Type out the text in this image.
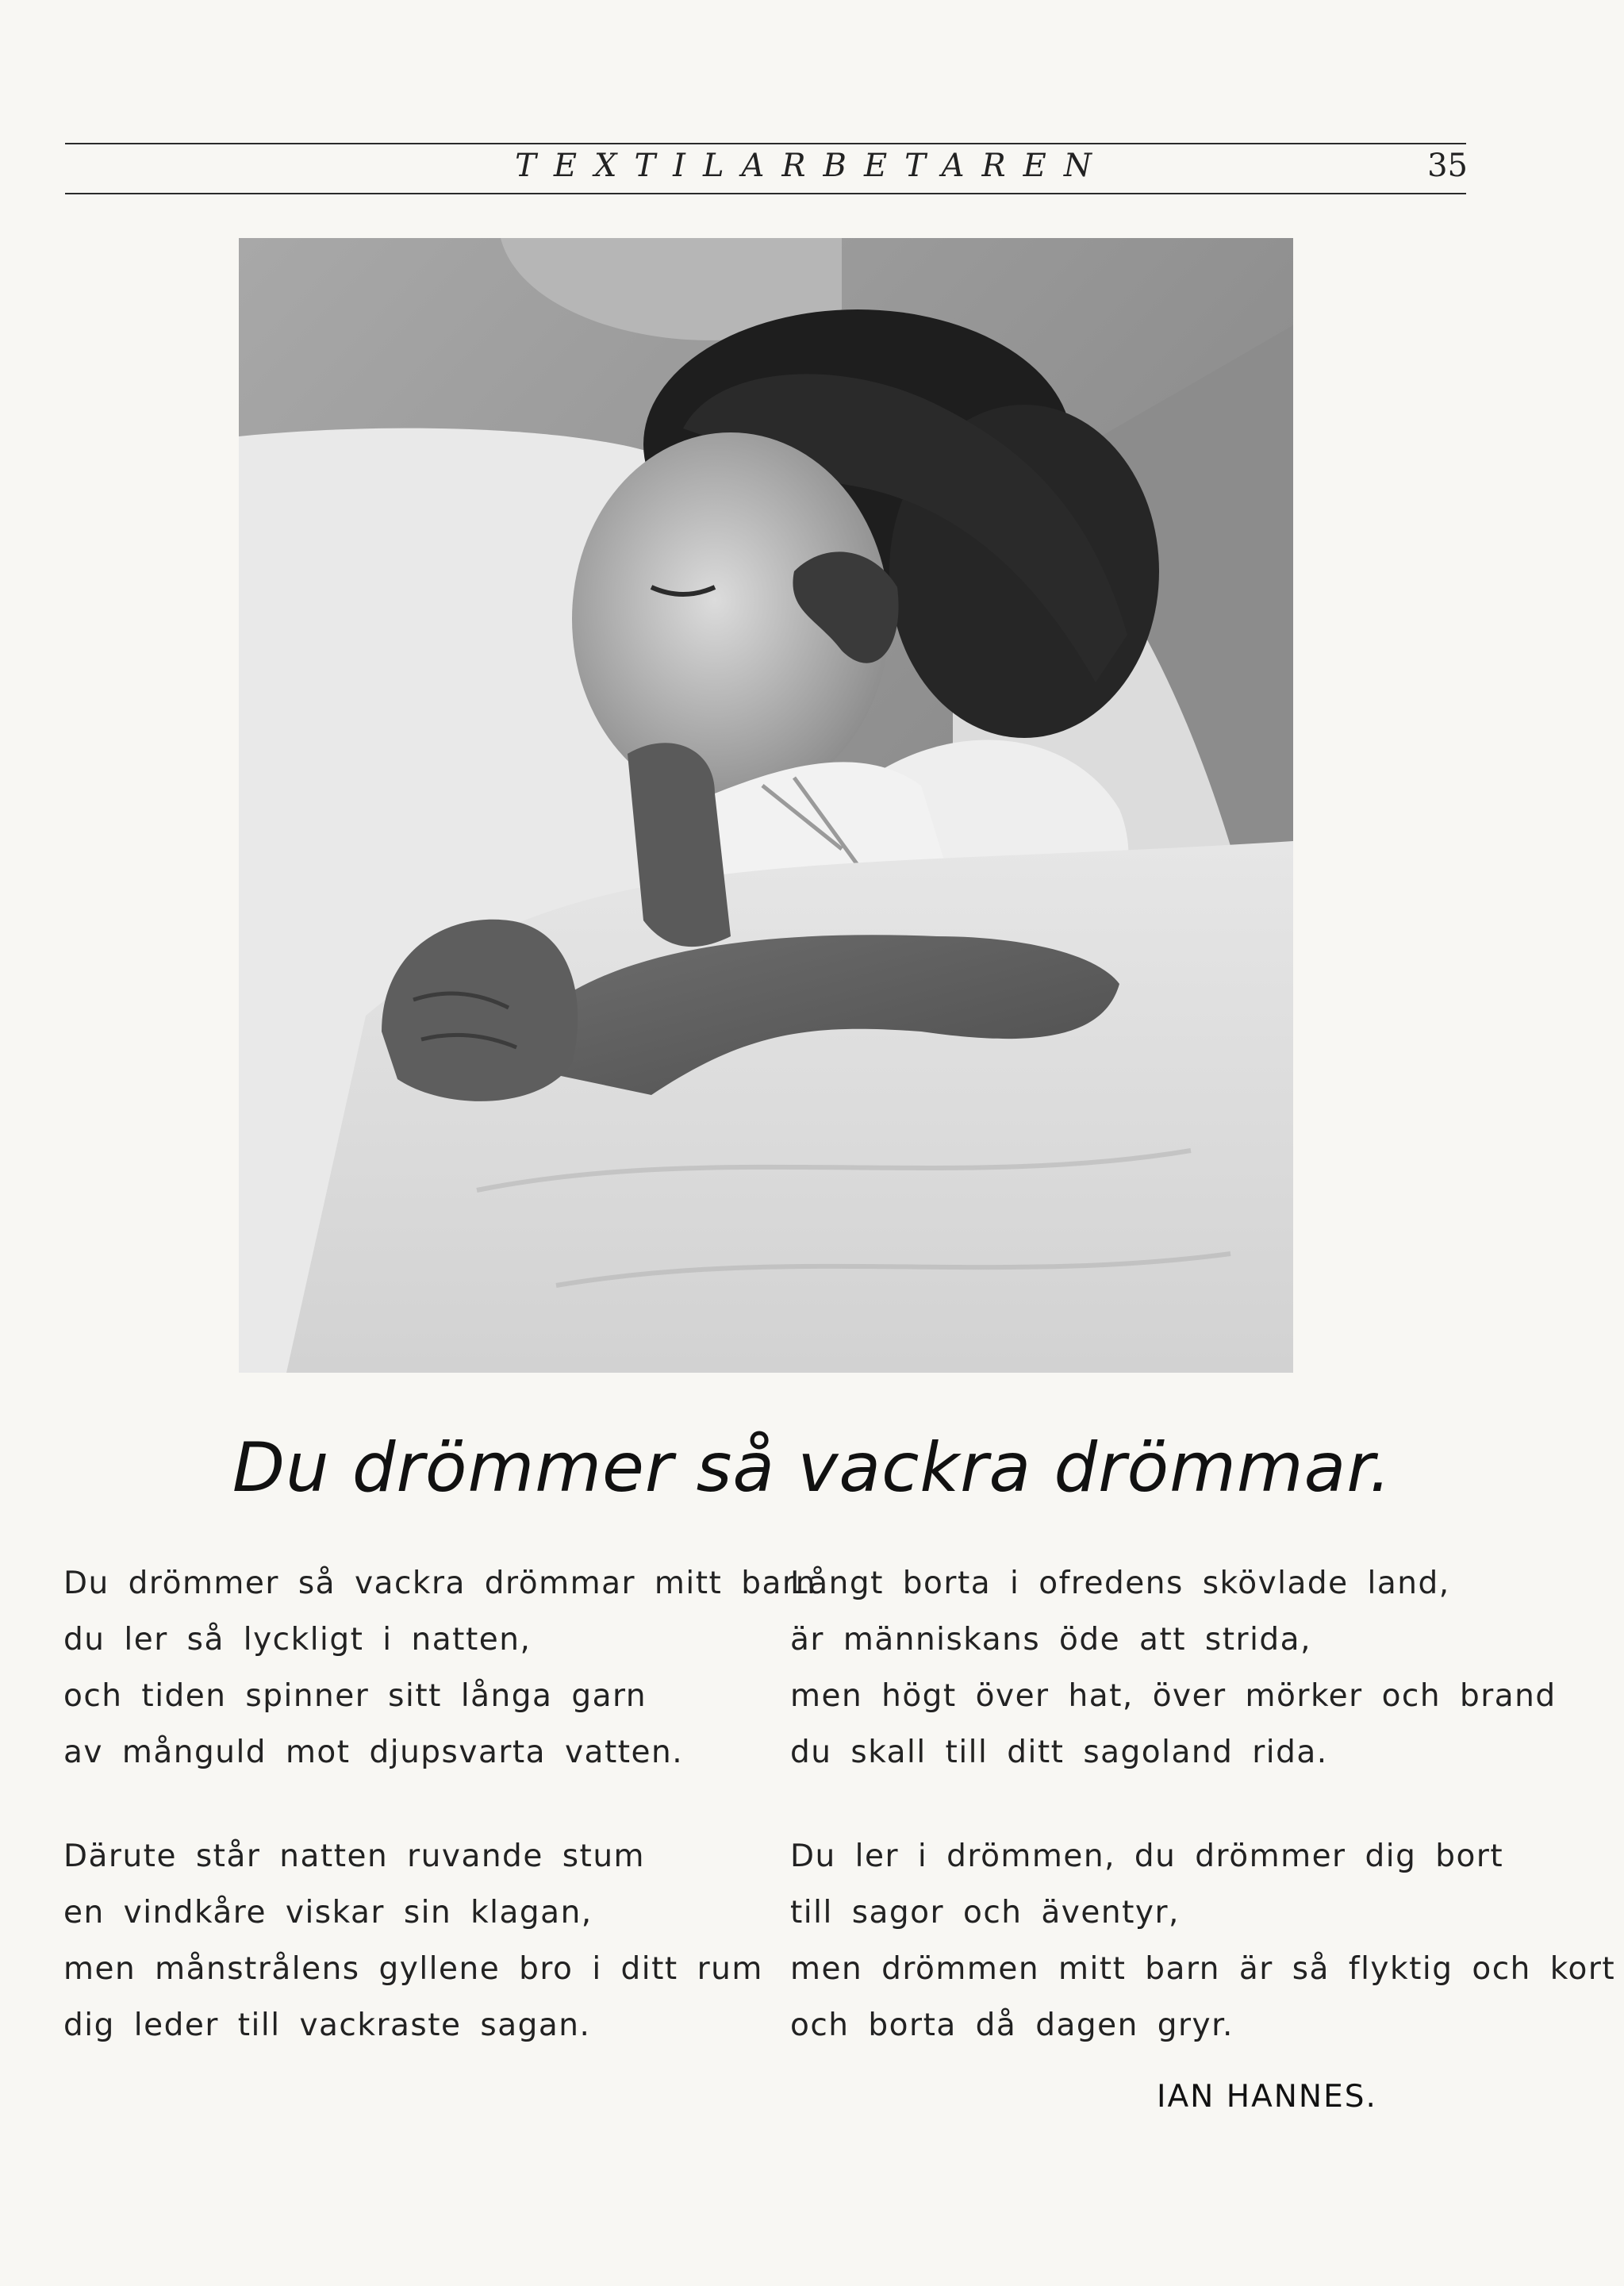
TEXTILARBETAREN	35
Du drömmer så vackra drömmar.
Du drömmer så vackra drömmar mitt barn
du ler så lyckligt i natten,
och tiden spinner sitt långa garn
av månguld mot djupsvarta vatten.
Därute står natten ruvande stum
en vindkåre viskar sin klagan,
men månstrålens gyllene bro i ditt rum
dig leder till vackraste sagan.
Långt borta i ofredens skövlade land,
är människans öde att strida,
men högt över hat, över mörker och brand
du skall till ditt sagoland rida.
Du ler i drömmen, du drömmer dig bort
till sagor och äventyr,
men drömmen mitt barn är så flyktig och kort
och borta då dagen gryr.
IAN HANNES.
